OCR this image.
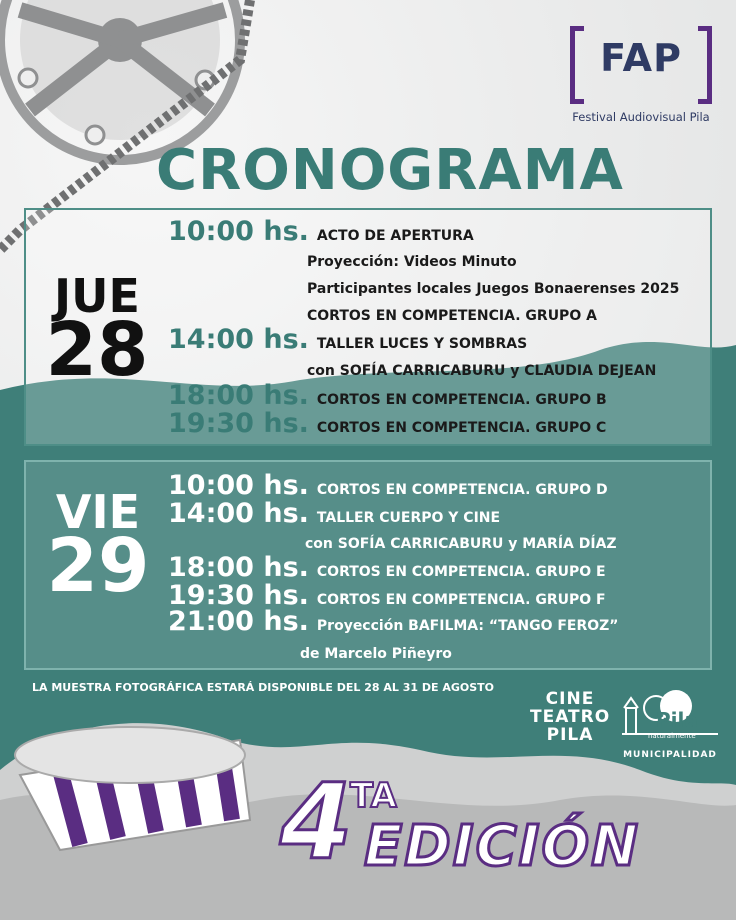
FAP
Festival Audiovisual Pila
CRONOGRAMA
JUE
28
10:00 hs. ACTO DE APERTURA
Proyección: Videos Minuto
Participantes locales Juegos Bonaerenses 2025
CORTOS EN COMPETENCIA. GRUPO A
14:00 hs. TALLER LUCES Y SOMBRAS
con SOFÍA CARRICABURU y CLAUDIA DEJEAN
18:00 hs. CORTOS EN COMPETENCIA. GRUPO B
19:30 hs. CORTOS EN COMPETENCIA. GRUPO C
VIE
29
10:00 hs. CORTOS EN COMPETENCIA. GRUPO D
14:00 hs. TALLER CUERPO Y CINE
con SOFÍA CARRICABURU y MARÍA DÍAZ
18:00 hs. CORTOS EN COMPETENCIA. GRUPO E
19:30 hs. CORTOS EN COMPETENCIA. GRUPO F
21:00 hs. Proyección BAFILMA: “TANGO FEROZ”
de Marcelo Piñeyro
LA MUESTRA FOTOGRÁFICA ESTARÁ DISPONIBLE DEL 28 AL 31 DE AGOSTO
CINE
TEATRO
PILA
Pila
naturalmente
MUNICIPALIDAD
4
TA
EDICIÓN
